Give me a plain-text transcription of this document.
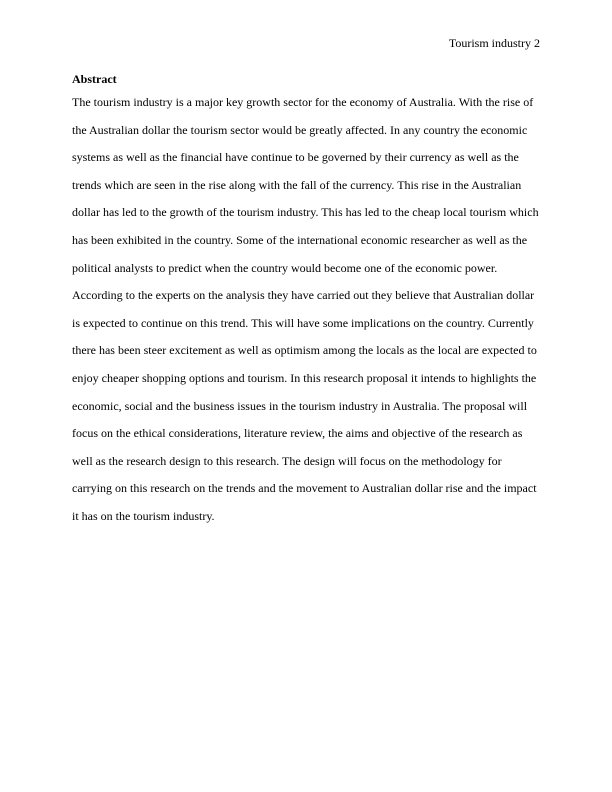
Tourism industry 2
Abstract

The tourism industry is a major key growth sector for the economy of Australia. With the rise of
the Australian dollar the tourism sector would be greatly affected. In any country the economic
systems as well as the financial have continue to be governed by their currency as well as the
trends which are seen in the rise along with the fall of the currency. This rise in the Australian
dollar has led to the growth of the tourism industry. This has led to the cheap local tourism which
has been exhibited in the country. Some of the international economic researcher as well as the
political analysts to predict when the country would become one of the economic power.
According to the experts on the analysis they have carried out they believe that Australian dollar
is expected to continue on this trend. This will have some implications on the country. Currently
there has been steer excitement as well as optimism among the locals as the local are expected to
enjoy cheaper shopping options and tourism. In this research proposal it intends to highlights the
economic, social and the business issues in the tourism industry in Australia. The proposal will
focus on the ethical considerations, literature review, the aims and objective of the research as
well as the research design to this research. The design will focus on the methodology for
carrying on this research on the trends and the movement to Australian dollar rise and the impact
it has on the tourism industry.
